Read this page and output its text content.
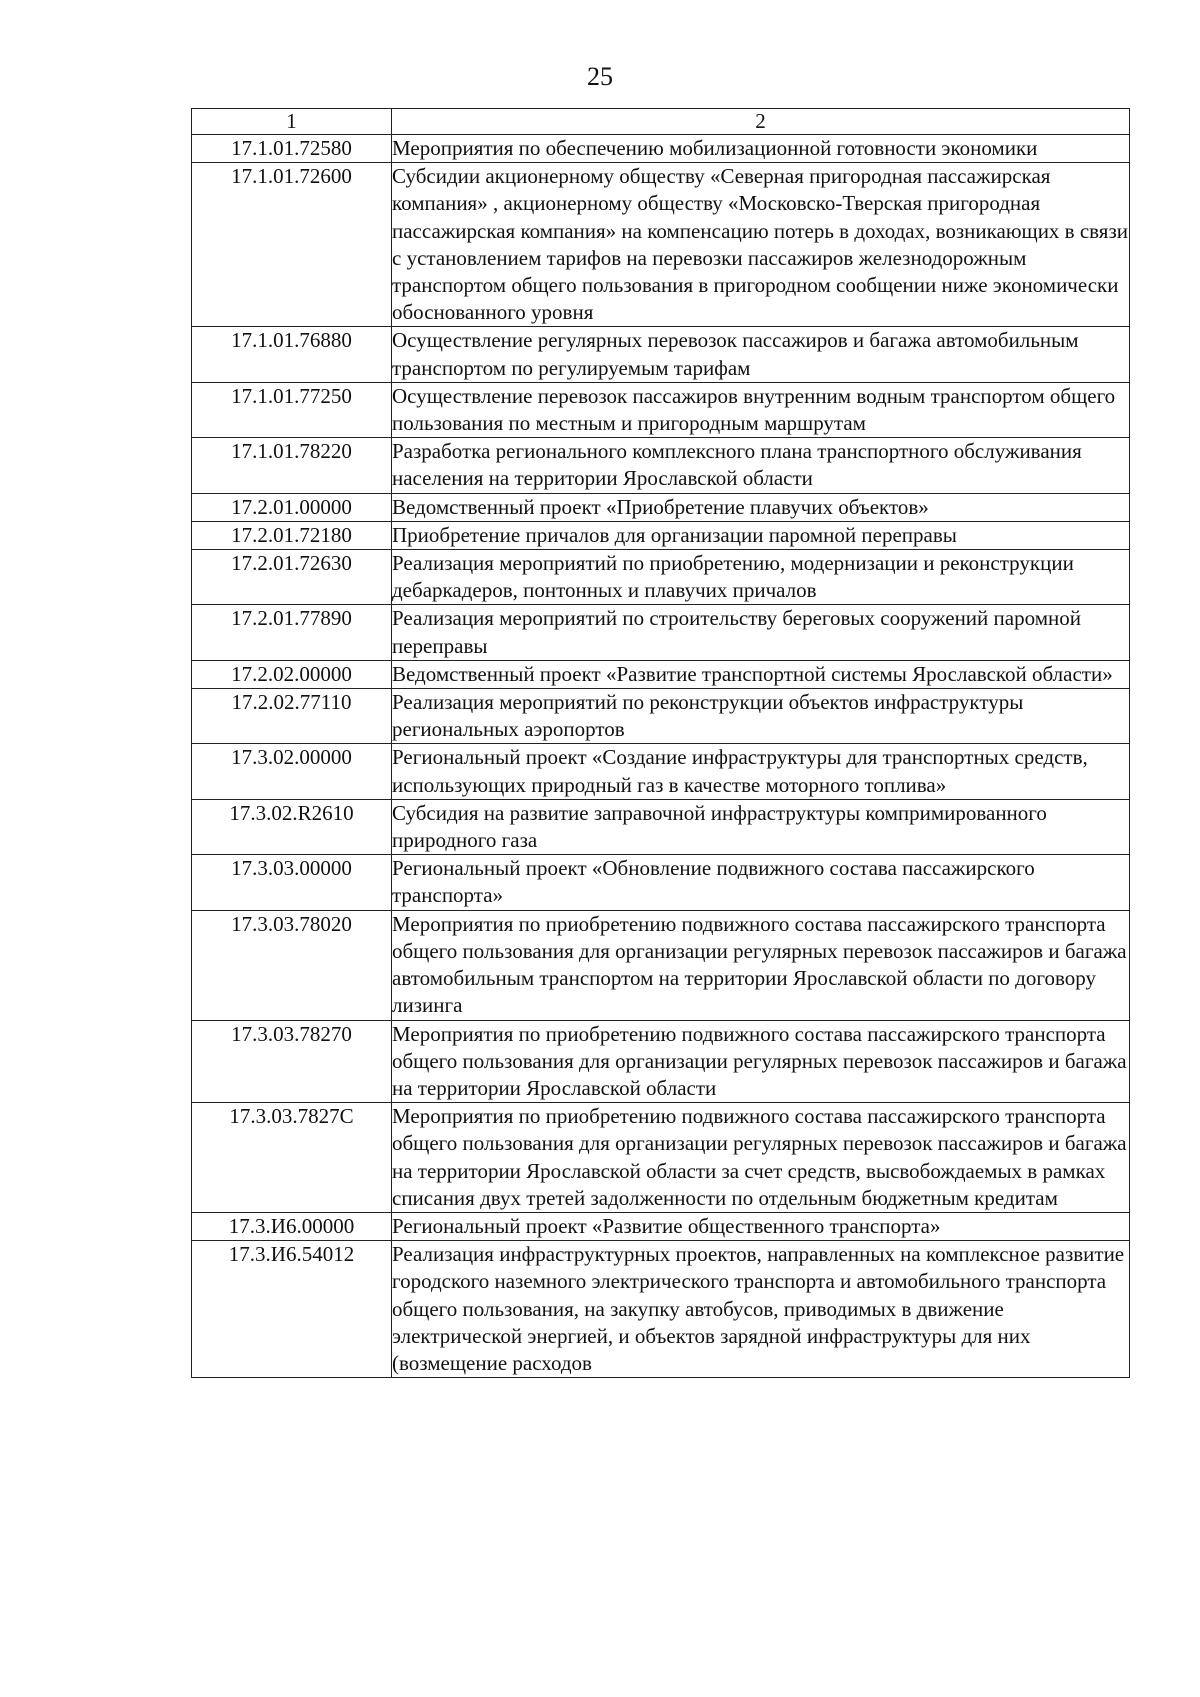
25
1	2
17.1.01.72580	Мероприятия по обеспечению мобилизационной готовности экономики
17.1.01.72600	Субсидии акционерному обществу «Северная пригородная пассажирская компания» , акционерному обществу «Московско-Тверская пригородная пассажирская компания» на компенсацию потерь в доходах, возникающих в связи с установлением тарифов на перевозки пассажиров железнодорожным транспортом общего пользования в пригородном сообщении ниже экономически обоснованного уровня
17.1.01.76880	Осуществление регулярных перевозок пассажиров и багажа автомобильным транспортом по регулируемым тарифам
17.1.01.77250	Осуществление перевозок пассажиров внутренним водным транспортом общего пользования по местным и пригородным маршрутам
17.1.01.78220	Разработка регионального комплексного плана транспортного обслуживания населения на территории Ярославской области
17.2.01.00000	Ведомственный проект «Приобретение плавучих объектов»
17.2.01.72180	Приобретение причалов для организации паромной переправы
17.2.01.72630	Реализация мероприятий по приобретению, модернизации и реконструкции дебаркадеров, понтонных и плавучих причалов
17.2.01.77890	Реализация мероприятий по строительству береговых сооружений паромной переправы
17.2.02.00000	Ведомственный проект «Развитие транспортной системы Ярославской области»
17.2.02.77110	Реализация мероприятий по реконструкции объектов инфраструктуры региональных аэропортов
17.3.02.00000	Региональный проект «Создание инфраструктуры для транспортных средств, использующих природный газ в качестве моторного топлива»
17.3.02.R2610	Субсидия на развитие заправочной инфраструктуры компримированного природного газа
17.3.03.00000	Региональный проект «Обновление подвижного состава пассажирского транспорта»
17.3.03.78020	Мероприятия по приобретению подвижного состава пассажирского транспорта общего пользования для организации регулярных перевозок пассажиров и багажа автомобильным транспортом на территории Ярославской области по договору лизинга
17.3.03.78270	Мероприятия по приобретению подвижного состава пассажирского транспорта общего пользования для организации регулярных перевозок пассажиров и багажа на территории Ярославской области
17.3.03.7827С	Мероприятия по приобретению подвижного состава пассажирского транспорта общего пользования для организации регулярных перевозок пассажиров и багажа на территории Ярославской области за счет средств, высвобождаемых в рамках списания двух третей задолженности по отдельным бюджетным кредитам
17.3.И6.00000	Региональный проект «Развитие общественного транспорта»
17.3.И6.54012	Реализация инфраструктурных проектов, направленных на комплексное развитие городского наземного электрического транспорта и автомобильного транспорта общего пользования, на закупку автобусов, приводимых в движение электрической энергией, и объектов зарядной инфраструктуры для них (возмещение расходов
